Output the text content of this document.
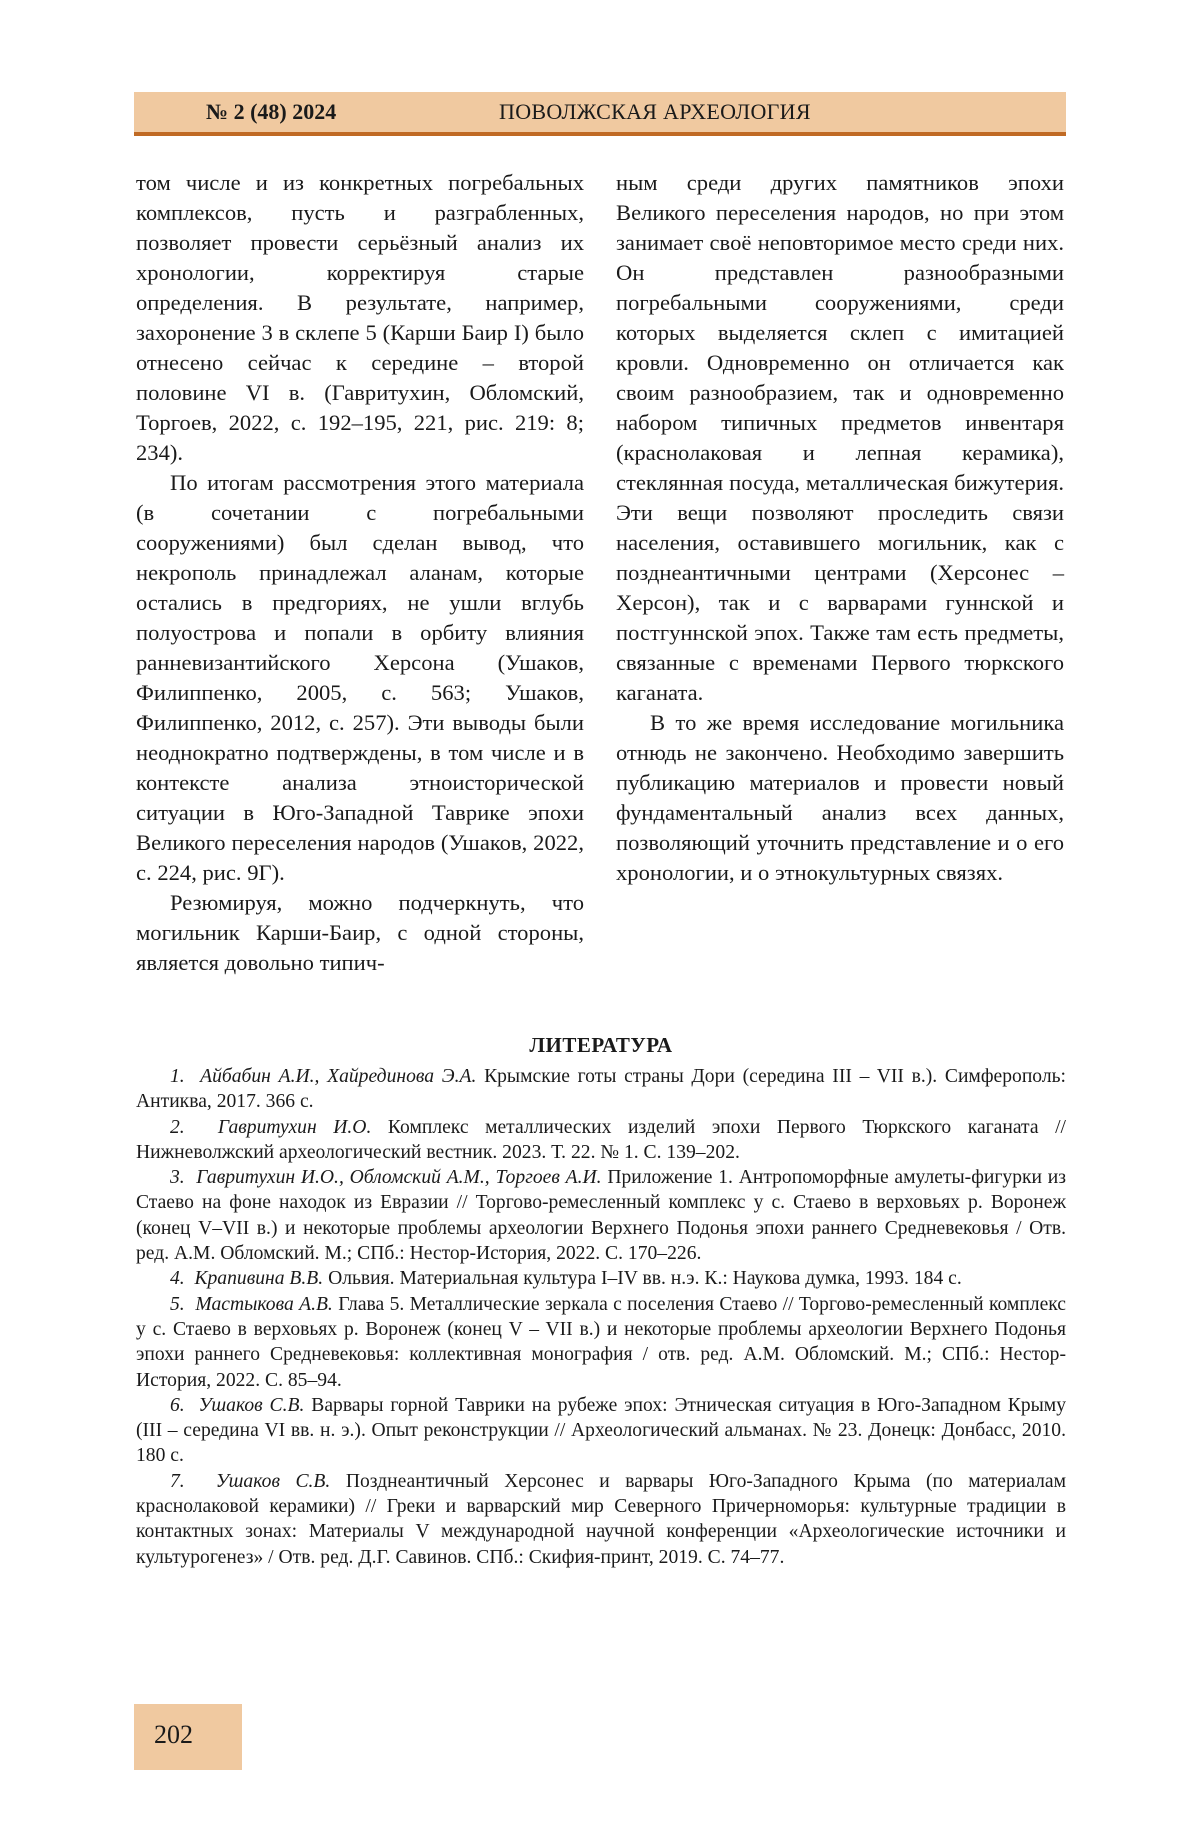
№ 2 (48) 2024	ПОВОЛЖСКАЯ АРХЕОЛОГИЯ

том числе и из конкретных погребальных комплексов, пусть и разграбленных, позволяет провести серьёзный анализ их хронологии, корректируя старые определения. В результате, например, захоронение 3 в склепе 5 (Карши Баир I) было отнесено сейчас к середине – второй половине VI в. (Гавритухин, Обломский, Торгоев, 2022, с. 192–195, 221, рис. 219: 8; 234).

По итогам рассмотрения этого материала (в сочетании с погребальными сооружениями) был сделан вывод, что некрополь принадлежал аланам, которые остались в предгориях, не ушли вглубь полуострова и попали в орбиту влияния ранневизантийского Херсона (Ушаков, Филиппенко, 2005, с. 563; Ушаков, Филиппенко, 2012, с. 257). Эти выводы были неоднократно подтверждены, в том числе и в контексте анализа этноисторической ситуации в Юго-Западной Таврике эпохи Великого переселения народов (Ушаков, 2022, с. 224, рис. 9Г).

Резюмируя, можно подчеркнуть, что могильник Карши-Баир, с одной стороны, является довольно типич-

ным среди других памятников эпохи Великого переселения народов, но при этом занимает своё неповторимое место среди них. Он представлен разнообразными погребальными сооружениями, среди которых выделяется склеп с имитацией кровли. Одновременно он отличается как своим разнообразием, так и одновременно набором типичных предметов инвентаря (краснолаковая и лепная керамика), стеклянная посуда, металлическая бижутерия. Эти вещи позволяют проследить связи населения, оставившего могильник, как с позднеантичными центрами (Херсонес – Херсон), так и с варварами гуннской и постгуннской эпох. Также там есть предметы, связанные с временами Первого тюркского каганата.

В то же время исследование могильника отнюдь не закончено. Необходимо завершить публикацию материалов и провести новый фундаментальный анализ всех данных, позволяющий уточнить представление и о его хронологии, и о этнокультурных связях.

ЛИТЕРАТУРА

1. Айбабин А.И., Хайрединова Э.А. Крымские готы страны Дори (середина III – VII в.). Симферополь: Антиква, 2017. 366 с.

2. Гавритухин И.О. Комплекс металлических изделий эпохи Первого Тюркского каганата // Нижневолжский археологический вестник. 2023. Т. 22. № 1. С. 139–202.

3. Гавритухин И.О., Обломский А.М., Торгоев А.И. Приложение 1. Антропоморфные амулеты-фигурки из Стаево на фоне находок из Евразии // Торгово-ремесленный комплекс у с. Стаево в верховьях р. Воронеж (конец V–VII в.) и некоторые проблемы археологии Верхнего Подонья эпохи раннего Средневековья / Отв. ред. А.М. Обломский. М.; СПб.: Нестор-История, 2022. С. 170–226.

4. Крапивина В.В. Ольвия. Материальная культура I–IV вв. н.э. К.: Наукова думка, 1993. 184 с.

5. Мастыкова А.В. Глава 5. Металлические зеркала с поселения Стаево // Торгово-ремесленный комплекс у с. Стаево в верховьях р. Воронеж (конец V – VII в.) и некоторые проблемы археологии Верхнего Подонья эпохи раннего Средневековья: коллективная монография / отв. ред. А.М. Обломский. М.; СПб.: Нестор-История, 2022. С. 85–94.

6. Ушаков С.В. Варвары горной Таврики на рубеже эпох: Этническая ситуация в Юго-Западном Крыму (III – середина VI вв. н. э.). Опыт реконструкции // Археологический альманах. № 23. Донецк: Донбасс, 2010. 180 с.

7. Ушаков С.В. Позднеантичный Херсонес и варвары Юго-Западного Крыма (по материалам краснолаковой керамики) // Греки и варварский мир Северного Причерноморья: культурные традиции в контактных зонах: Материалы V международной научной конференции «Археологические источники и культурогенез» / Отв. ред. Д.Г. Савинов. СПб.: Скифия-принт, 2019. С. 74–77.

202
